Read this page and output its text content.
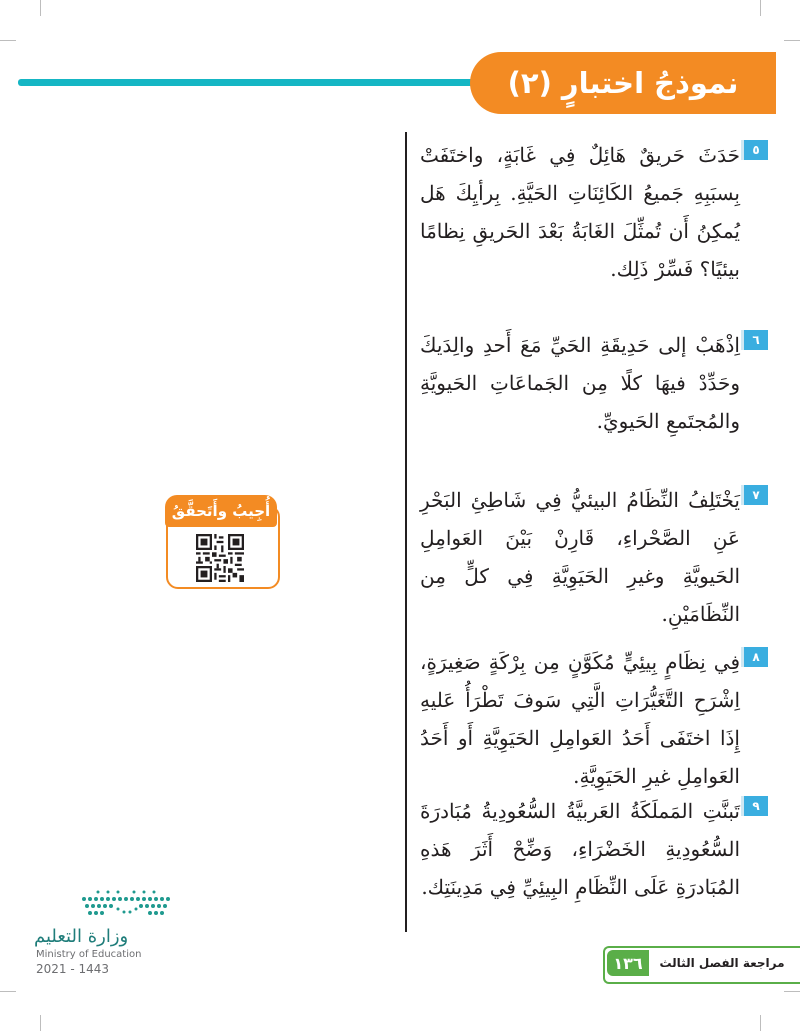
نموذجُ اختبارٍ (٢)
٥
حَدَثَ حَريقٌ هَائِلٌ فِي غَابَةٍ، واختَفَتْ بِسبَبِهِ جَميعُ الكَائِنَاتِ الحَيَّةِ. بِرأيِكَ هَل يُمكِنُ أَن تُمثِّلَ الغَابَةُ بَعْدَ الحَريقِ نِظامًا بيئيًا؟ فَسِّرْ ذَلِك.
٦
اِذْهَبْ إلى حَدِيقَةِ الحَيِّ مَعَ أَحدِ والِدَيكَ وحَدِّدْ فيهَا كلًا مِن الجَماعَاتِ الحَيويَّةِ والمُجتَمعِ الحَيويِّ.
٧
يَخْتَلِفُ النِّظَامُ البيئيُّ فِي شَاطِئِ البَحْرِ عَنِ الصَّحْراءِ، قَارِنْ بَيْنَ العَوامِلِ الحَيويَّةِ وغيرِ الحَيَوِيَّةِ فِي كلٍّ مِن النِّظَامَيْنِ.
٨
فِي نِظَامٍ بِيئِيٍّ مُكَوَّنٍ مِن بِرْكَةٍ صَغِيرَةٍ، اِشْرَحِ التَّغَيُّرَاتِ الَّتِي سَوفَ تَطْرَأُ عَليهِ إِذَا اختَفَى أَحَدُ العَوامِلِ الحَيَوِيَّةِ أَو أَحَدُ العَوامِلِ غيرِ الحَيَوِيَّةِ.
٩
تَبنَّتِ المَملَكَةُ العَربيَّةُ السُّعُودِيةُ مُبَادرَةَ السُّعُودِيةِ الخَضْرَاءِ، وَضِّحْ أَثَرَ هَذهِ المُبَادرَةِ عَلَى النِّظَامِ البِيئِيِّ فِي مَدِينَتِك.
أُجِيبُ وأَتَحقَّقُ
وزارة التعليم
Ministry of Education
2021 - 1443	مراجعة الفصل الثالث
١٣٦
